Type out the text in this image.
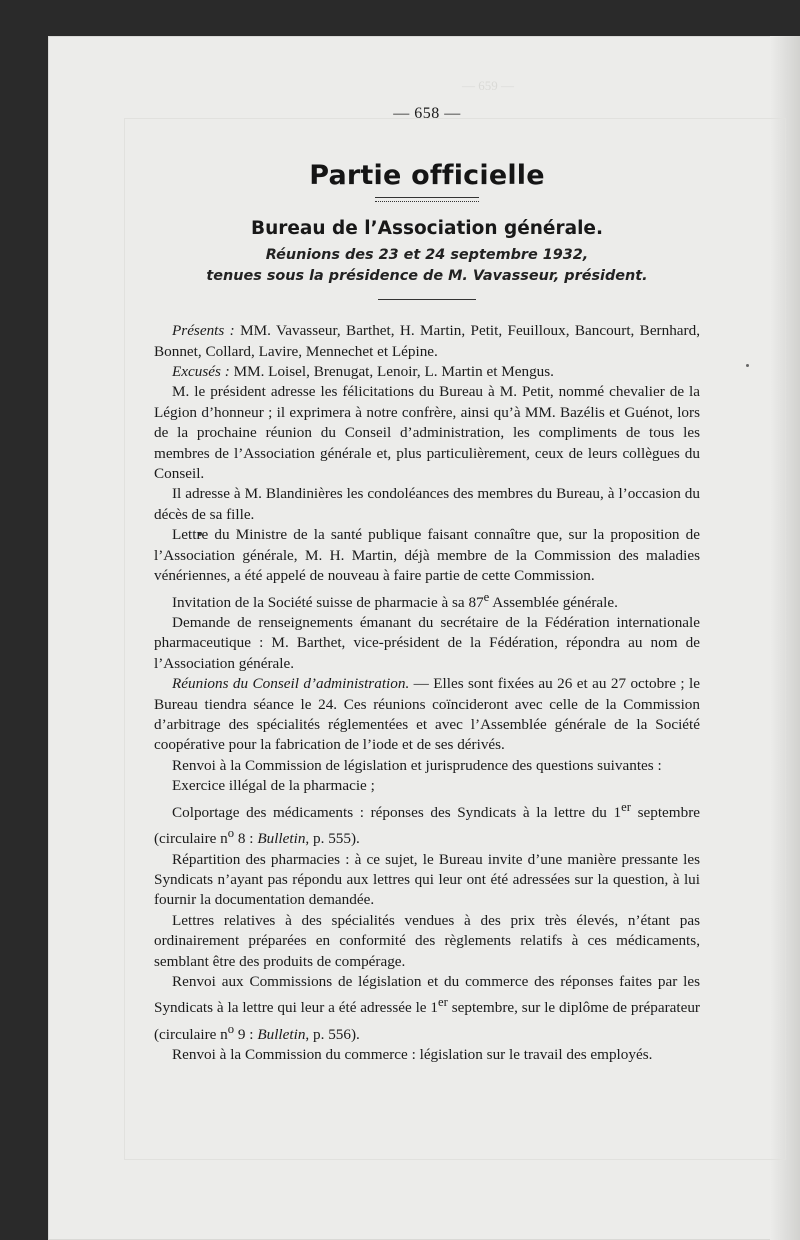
— 659 —
— 658 —
Partie officielle
Bureau de l’Association générale.
Réunions des 23 et 24 septembre 1932,
tenues sous la présidence de M. Vavasseur, président.

Présents : MM. Vavasseur, Barthet, H. Martin, Petit, Feuilloux, Bancourt, Bernhard, Bonnet, Collard, Lavire, Mennechet et Lépine.

Excusés : MM. Loisel, Brenugat, Lenoir, L. Martin et Mengus.

M. le président adresse les félicitations du Bureau à M. Petit, nommé chevalier de la Légion d’honneur ; il exprimera à notre confrère, ainsi qu’à MM. Bazélis et Guénot, lors de la prochaine réunion du Conseil d’administration, les compliments de tous les membres de l’Association générale et, plus particulièrement, ceux de leurs collègues du Conseil.

Il adresse à M. Blandinières les condoléances des membres du Bureau, à l’occasion du décès de sa fille.

Lettre du Ministre de la santé publique faisant connaître que, sur la proposition de l’Association générale, M. H. Martin, déjà membre de la Commission des maladies vénériennes, a été appelé de nouveau à faire partie de cette Commission.

Invitation de la Société suisse de pharmacie à sa 87e Assemblée générale.

Demande de renseignements émanant du secrétaire de la Fédération internationale pharmaceutique : M. Barthet, vice-président de la Fédération, répondra au nom de l’Association générale.

Réunions du Conseil d’administration. — Elles sont fixées au 26 et au 27 octobre ; le Bureau tiendra séance le 24. Ces réunions coïncideront avec celle de la Commission d’arbitrage des spécialités réglementées et avec l’Assemblée générale de la Société coopérative pour la fabrication de l’iode et de ses dérivés.

Renvoi à la Commission de législation et jurisprudence des questions suivantes :

Exercice illégal de la pharmacie ;

Colportage des médicaments : réponses des Syndicats à la lettre du 1er septembre (circulaire $n^o$ 8 : Bulletin, p. 555).

Répartition des pharmacies : à ce sujet, le Bureau invite d’une manière pressante les Syndicats n’ayant pas répondu aux lettres qui leur ont été adressées sur la question, à lui fournir la documentation demandée.

Lettres relatives à des spécialités vendues à des prix très élevés, n’étant pas ordinairement préparées en conformité des règlements relatifs à ces médicaments, semblant être des produits de compérage.

Renvoi aux Commissions de législation et du commerce des réponses faites par les Syndicats à la lettre qui leur a été adressée le 1er septembre, sur le diplôme de préparateur (circulaire $n^o$ 9 : Bulletin, p. 556).

Renvoi à la Commission du commerce : législation sur le travail des employés.
